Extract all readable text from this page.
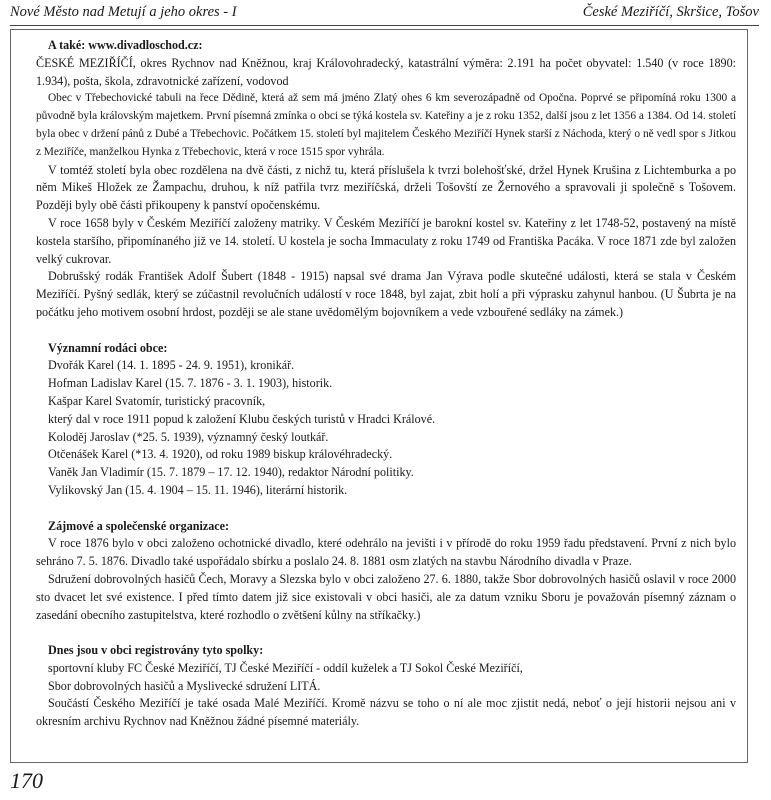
Nové Město nad Metují a jeho okres - I	České Meziříčí, Skršice, Tošov

A také: www.divadloschod.cz:

ČESKÉ MEZIŘÍČÍ, okres Rychnov nad Kněžnou, kraj Královohradecký, katastrální výměra: 2.191 ha počet obyvatel: 1.540 (v roce 1890: 1.934), pošta, škola, zdravotnické zařízení, vodovod

Obec v Třebechovické tabuli na řece Dědině, která až sem má jméno Zlatý ohes 6 km severozápadně od Opočna. Poprvé se připomíná roku 1300 a původně byla královským majetkem. První písemná zmínka o obci se týká kostela sv. Kateřiny a je z roku 1352, další jsou z let 1356 a 1384. Od 14. století byla obec v držení pánů z Dubé a Třebechovic. Počátkem 15. století byl majitelem Českého Meziříčí Hynek starší z Náchoda, který o ně vedl spor s Jitkou z Meziříče, manželkou Hynka z Třebechovic, která v roce 1515 spor vyhrála.

V tomtéž století byla obec rozdělena na dvě části, z nichž tu, která příslušela k tvrzi bolehošťské, držel Hynek Krušina z Lichtemburka a po něm Mikeš Hložek ze Žampachu, druhou, k níž patřila tvrz meziříčská, drželi Tošovští ze Žernového a spravovali ji společně s Tošovem. Později byly obě části přikoupeny k panství opočenskému.

V roce 1658 byly v Českém Meziříčí založeny matriky. V Českém Meziříčí je barokní kostel sv. Kateřiny z let 1748-52, postavený na místě kostela staršího, připomínaného již ve 14. století. U kostela je socha Immaculaty z roku 1749 od Františka Pacáka. V roce 1871 zde byl založen velký cukrovar.

Dobrušský rodák František Adolf Šubert (1848 - 1915) napsal své drama Jan Výrava podle skutečné události, která se stala v Českém Meziříčí. Pyšný sedlák, který se zúčastnil revolučních událostí v roce 1848, byl zajat, zbit holí a při výprasku zahynul hanbou. (U Šubrta je na počátku jeho motivem osobní hrdost, později se ale stane uvědomělým bojovníkem a vede vzbouřené sedláky na zámek.)

Významní rodáci obce:

Dvořák Karel (14. 1. 1895 - 24. 9. 1951), kronikář.

Hofman Ladislav Karel (15. 7. 1876 - 3. 1. 1903), historik.

Kašpar Karel Svatomír, turistický pracovník,

který dal v roce 1911 popud k založení Klubu českých turistů v Hradci Králové.

Koloděj Jaroslav (*25. 5. 1939), významný český loutkář.

Otčenášek Karel (*13. 4. 1920), od roku 1989 biskup královéhradecký.

Vaněk Jan Vladimír (15. 7. 1879 – 17. 12. 1940), redaktor Národní politiky.

Vylikovský Jan (15. 4. 1904 – 15. 11. 1946), literární historik.

Zájmové a společenské organizace:

V roce 1876 bylo v obci založeno ochotnické divadlo, které odehrálo na jevišti i v přírodě do roku 1959 řadu představení. První z nich bylo sehráno 7. 5. 1876. Divadlo také uspořádalo sbírku a poslalo 24. 8. 1881 osm zlatých na stavbu Národního divadla v Praze.

Sdružení dobrovolných hasičů Čech, Moravy a Slezska bylo v obci založeno 27. 6. 1880, takže Sbor dobrovolných hasičů oslavil v roce 2000 sto dvacet let své existence. I před tímto datem již sice existovali v obci hasiči, ale za datum vzniku Sboru je považován písemný záznam o zasedání obecního zastupitelstva, které rozhodlo o zvětšení kůlny na stříkačky.)

Dnes jsou v obci registrovány tyto spolky:

sportovní kluby FC České Meziříčí, TJ České Meziříčí - oddíl kuželek a TJ Sokol České Meziříčí,

Sbor dobrovolných hasičů a Myslivecké sdružení LITÁ.

Součástí Českého Meziříčí je také osada Malé Meziříčí. Kromě názvu se toho o ní ale moc zjistit nedá, neboť o její historii nejsou ani v okresním archivu Rychnov nad Kněžnou žádné písemné materiály.

170
